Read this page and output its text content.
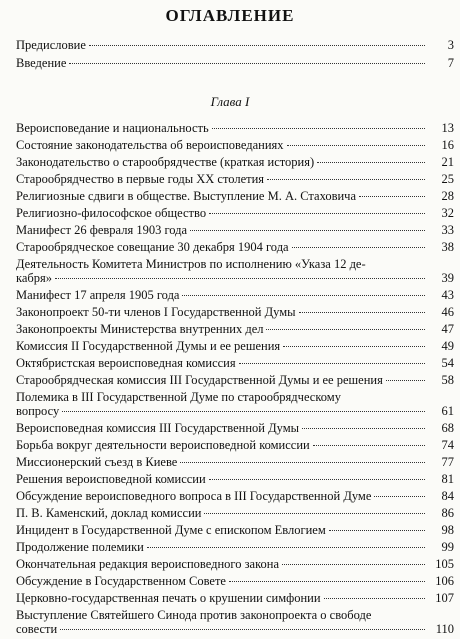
ОГЛАВЛЕНИЕ
Предисловие	3
Введение	7
Глава I
Вероисповедание и национальность	13
Состояние законодательства об вероисповеданиях	16
Законодательство о старообрядчестве (краткая история)	21
Старообрядчество в первые годы XX столетия	25
Религиозные сдвиги в обществе. Выступление М. А. Стаховича	28
Религиозно-философское общество	32
Манифест 26 февраля 1903 года	33
Старообрядческое совещание 30 декабря 1904 года	38
Деятельность Комитета Министров по исполнению «Указа 12 де-
кабря»	39
Манифест 17 апреля 1905 года	43
Законопроект 50-ти членов I Государственной Думы	46
Законопроекты Министерства внутренних дел	47
Комиссия II Государственной Думы и ее решения	49
Октябристская вероисповедная комиссия	54
Старообрядческая комиссия III Государственной Думы и ее решения	58
Полемика в III Государственной Думе по старообрядческому
вопросу	61
Вероисповедная комиссия III Государственной Думы	68
Борьба вокруг деятельности вероисповедной комиссии	74
Миссионерский съезд в Киеве	77
Решения вероисповедной комиссии	81
Обсуждение вероисповедного вопроса в III Государственной Думе	84
П. В. Каменский, доклад комиссии	86
Инцидент в Государственной Думе с епископом Евлогием	98
Продолжение полемики	99
Окончательная редакция вероисповедного закона	105
Обсуждение в Государственном Совете	106
Церковно-государственная печать о крушении симфонии	107
Выступление Святейшего Синода против законопроекта о свободе
совести	110
